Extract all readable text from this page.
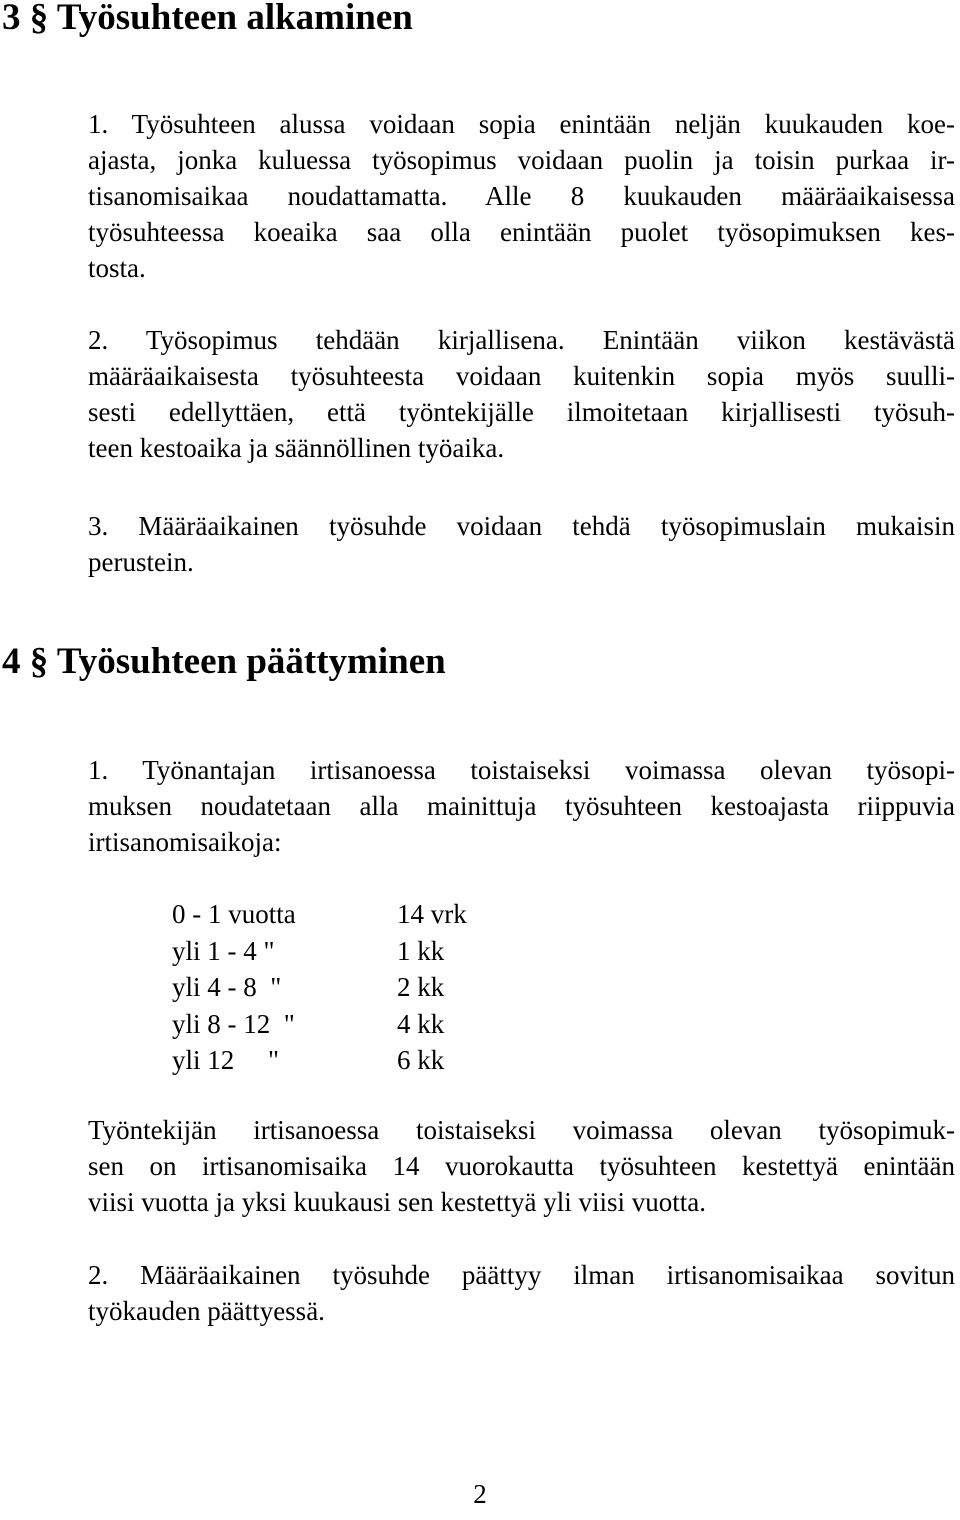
3 § Työsuhteen alkaminen

1. Työsuhteen alussa voidaan sopia enintään neljän kuukauden koe-
ajasta, jonka kuluessa työsopimus voidaan puolin ja toisin purkaa ir-
tisanomisaikaa noudattamatta. Alle 8 kuukauden määräaikaisessa
työsuhteessa koeaika saa olla enintään puolet työsopimuksen kes-
tosta.

2. Työsopimus tehdään kirjallisena. Enintään viikon kestävästä
määräaikaisesta työsuhteesta voidaan kuitenkin sopia myös suulli-
sesti edellyttäen, että työntekijälle ilmoitetaan kirjallisesti työsuh-
teen kestoaika ja säännöllinen työaika.

3. Määräaikainen työsuhde voidaan tehdä työsopimuslain mukaisin
perustein.

4 § Työsuhteen päättyminen

1. Työnantajan irtisanoessa toistaiseksi voimassa olevan työsopi-
muksen noudatetaan alla mainittuja työsuhteen kestoajasta riippuvia
irtisanomisaikoja:

0 - 1 vuotta	14 vrk
yli 1 - 4 "	1 kk
yli 4 - 8  "	2 kk
yli 8 - 12  "	4 kk
yli 12     "	6 kk

Työntekijän irtisanoessa toistaiseksi voimassa olevan työsopimuk-
sen on irtisanomisaika 14 vuorokautta työsuhteen kestettyä enintään
viisi vuotta ja yksi kuukausi sen kestettyä yli viisi vuotta.

2. Määräaikainen työsuhde päättyy ilman irtisanomisaikaa sovitun
työkauden päättyessä.

2
